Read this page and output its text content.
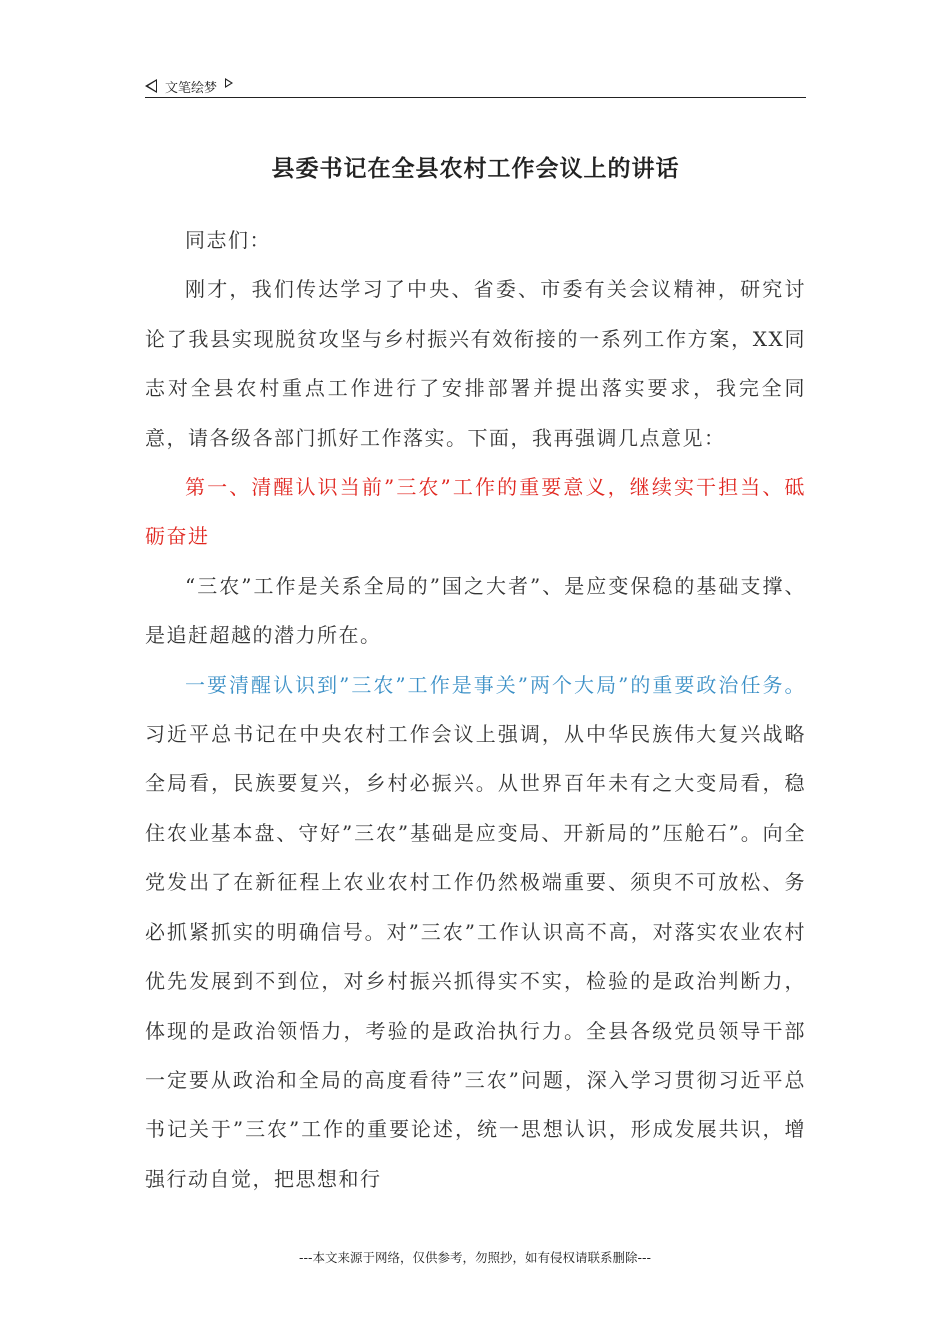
文笔绘梦
县委书记在全县农村工作会议上的讲话

同志们：

刚才，我们传达学习了中央、省委、市委有关会议精神，研究讨论了我县实现脱贫攻坚与乡村振兴有效衔接的一系列工作方案，XX同志对全县农村重点工作进行了安排部署并提出落实要求，我完全同意，请各级各部门抓好工作落实。下面，我再强调几点意见：

第一、清醒认识当前”三农”工作的重要意义，继续实干担当、砥砺奋进

“三农”工作是关系全局的”国之大者”、是应变保稳的基础支撑、是追赶超越的潜力所在。

一要清醒认识到”三农”工作是事关”两个大局”的重要政治任务。习近平总书记在中央农村工作会议上强调，从中华民族伟大复兴战略全局看，民族要复兴，乡村必振兴。从世界百年未有之大变局看，稳住农业基本盘、守好”三农”基础是应变局、开新局的”压舱石”。向全党发出了在新征程上农业农村工作仍然极端重要、须臾不可放松、务必抓紧抓实的明确信号。对”三农”工作认识高不高，对落实农业农村优先发展到不到位，对乡村振兴抓得实不实，检验的是政治判断力，体现的是政治领悟力，考验的是政治执行力。全县各级党员领导干部一定要从政治和全局的高度看待”三农”问题，深入学习贯彻习近平总书记关于”三农”工作的重要论述，统一思想认识，形成发展共识，增强行动自觉，把思想和行

---本文来源于网络，仅供参考，勿照抄，如有侵权请联系删除---
